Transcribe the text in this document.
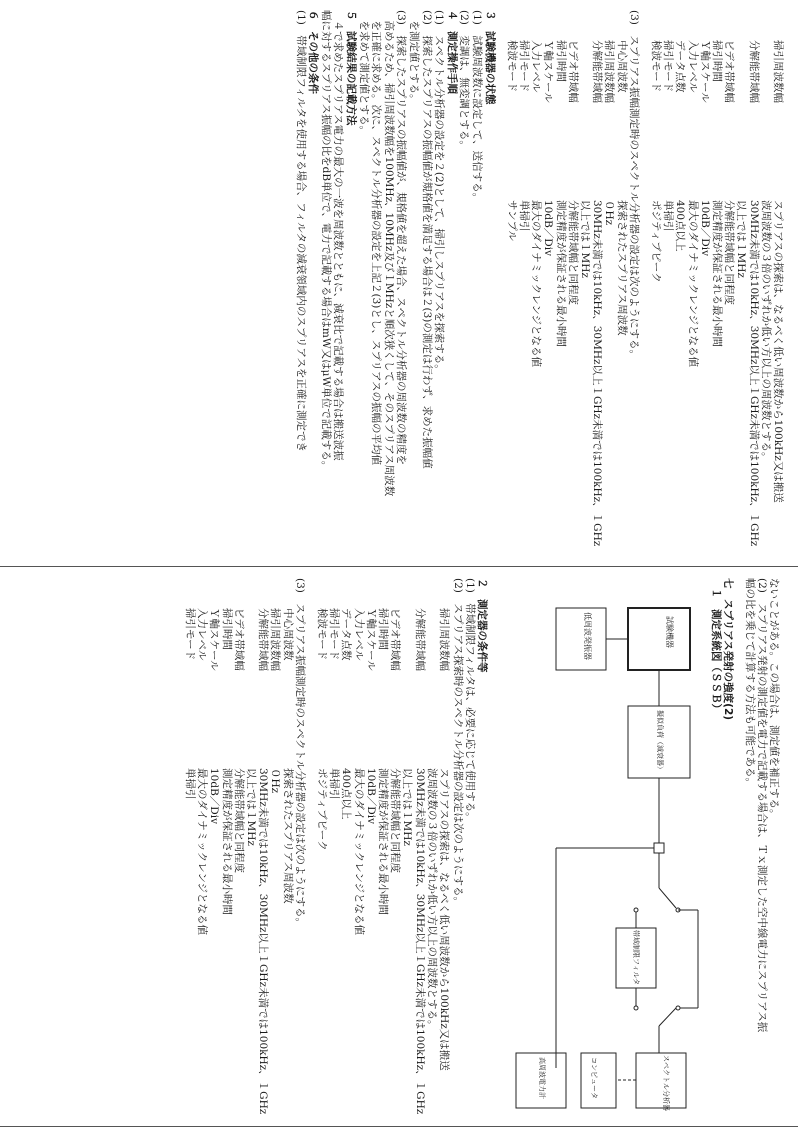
掃引周波数幅
スプリアスの探索は、なるべく低い周波数から100kHz又は搬送
波周波数の３倍のいずれか低い方以上の周波数とする。
分解能帯域幅
30MHz未満では10kHz、30MHz以上１GHz未満では100kHz、１GHz
以上では１MHz
ビデオ帯域幅
分解能帯域幅と同程度
掃引時間
測定精度が保証される最小時間
Ｙ軸スケール
10dB／Div
入力レベル
最大のダイナミックレンジとなる値
データ点数
400点以上
掃引モード
単掃引
検波モード
ポジティブピーク
(3)　スプリアス振幅測定時のスペクトル分析器の設定は次のようにする。
中心周波数
探索されたスプリアス周波数
掃引周波数幅
０Hz
分解能帯域幅
30MHz未満では10kHz、30MHz以上１GHz未満では100kHz、１GHz
以上では１MHz
ビデオ帯域幅
分解能帯域幅と同程度
掃引時間
測定精度が保証される最小時間
Ｙ軸スケール
10dB／Div
入力レベル
最大のダイナミックレンジとなる値
掃引モード
単掃引
検波モード
サンプル
３　試験機器の状態
(1)　試験周波数に設定して、送信する。
(2)　変調は、無変調とする。
４　測定操作手順
(1)　スペクトル分析器の設定を２(2)として、掃引しスプリアスを探索する。
(2)　探索したスプリアスの振幅値が規格値を満足する場合は２(3)の測定は行わず、求めた振幅値
　を測定値とする。
(3)　探索したスプリアスの振幅値が、規格値を超えた場合、スペクトル分析器の周波数の精度を
　高めるため、掃引周波数幅を100MHz、10MHz及び１MHzと順次狭くして、そのスプリアス周波数
　を正確に求める。次に、スペクトル分析器の設定を上記２(3)とし、スプリアスの振幅の平均値
　を求めて測定値とする。
５　試験結果の記載方法
　４で求めたスプリアス電力の最大の一波を周波数とともに、減衰比で記載する場合は搬送波振
幅に対するスプリアス振幅の比をdB単位で、電力で記載する場合はmW又はμW単位で記載する。
６　その他の条件
(1)　帯域制限フィルタを使用する場合、フィルタの減衰領域内のスプリアスを正確に測定でき
ないことがある。この場合は、測定値を補正する。
(2)　スプリアス発射の測定値を電力で記載する場合は、Ｔｘ測定した空中線電力にスプリアス振
幅の比を乗じて計算する方法も可能である。
七　スプリアス発射の強度(2)
１　測定系統図（ＳＳＢ）
試験機器
低周波発振器
擬似負荷（減衰器）
帯域制限フィルタ
スペクトル分析器
コンピュータ
高周波電力計
２　測定器の条件等
(1)　帯域制限フィルタは、必要に応じて使用する。
(2)　スプリアス探索時のスペクトル分析器の設定は次のようにする。
掃引周波数幅
スプリアスの探索は、なるべく低い周波数から100kHz又は搬送
波周波数の３倍のいずれか低い方以上の周波数とする。
分解能帯域幅
30MHz未満では10kHz、30MHz以上１GHz未満では100kHz、１GHz
以上では１MHz
ビデオ帯域幅
分解能帯域幅と同程度
掃引時間
測定精度が保証される最小時間
Ｙ軸スケール
10dB／Div
入力レベル
最大のダイナミックレンジとなる値
データ点数
400点以上
掃引モード
単掃引
検波モード
ポジティブピーク
(3)　スプリアス振幅測定時のスペクトル分析器の設定は次のようにする。
中心周波数
探索されたスプリアス周波数
掃引周波数幅
０Hz
分解能帯域幅
30MHz未満では10kHz、30MHz以上１GHz未満では100kHz、１GHz
以上では１MHz
ビデオ帯域幅
分解能帯域幅と同程度
掃引時間
測定精度が保証される最小時間
Ｙ軸スケール
10dB／Div
入力レベル
最大のダイナミックレンジとなる値
掃引モード
単掃引
